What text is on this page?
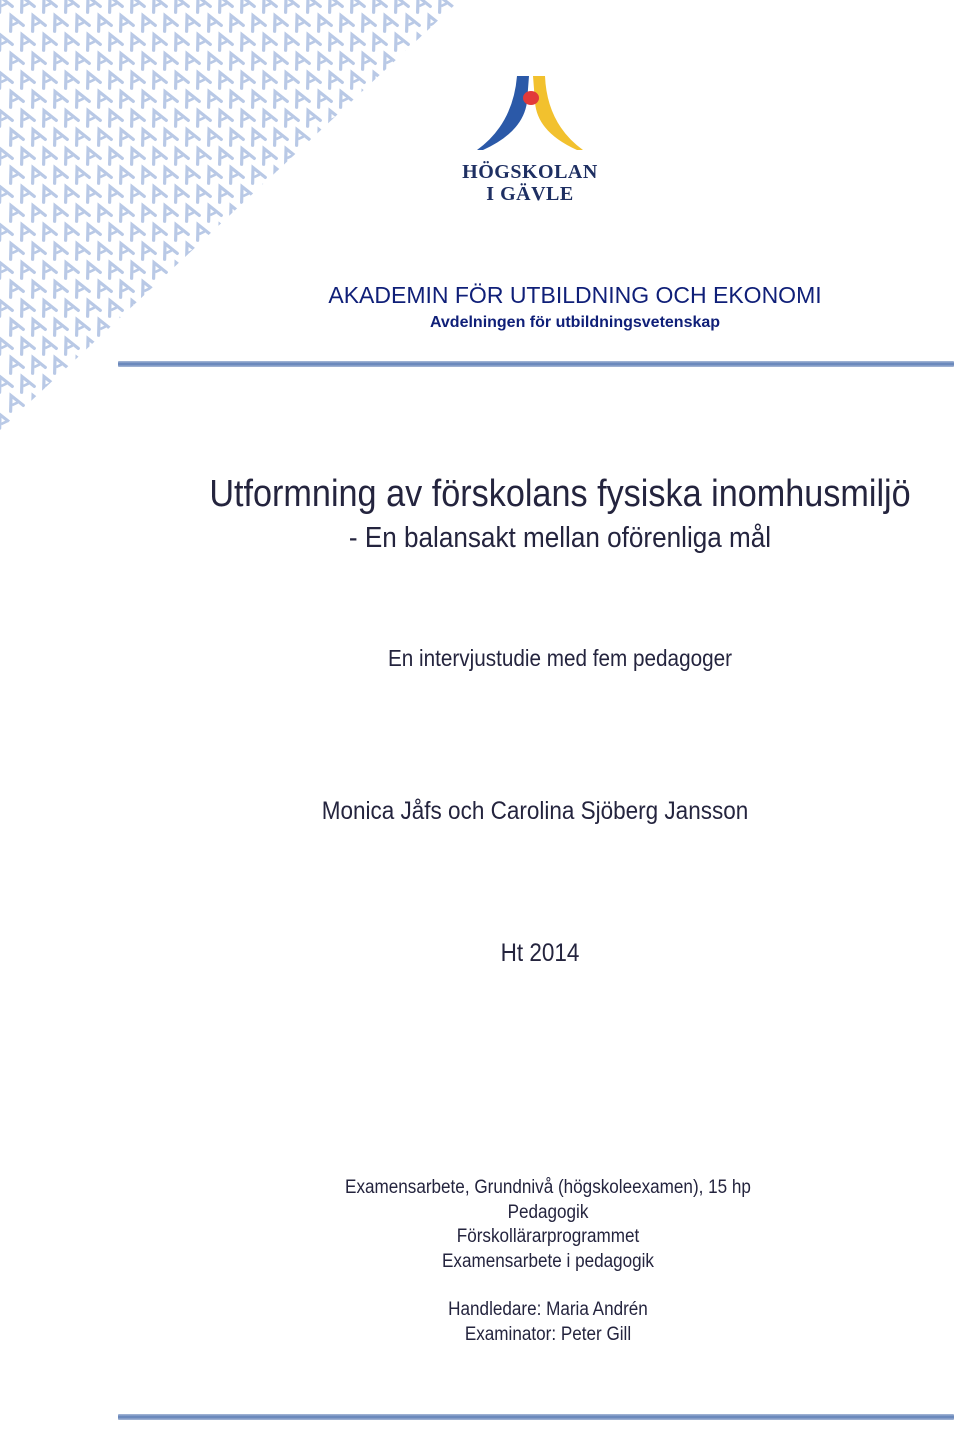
HÖGSKOLAN
I GÄVLE
AKADEMIN FÖR UTBILDNING OCH EKONOMI
Avdelningen för utbildningsvetenskap
Utformning av förskolans fysiska inomhusmiljö
- En balansakt mellan oförenliga mål
En intervjustudie med fem pedagoger
Monica Jåfs och Carolina Sjöberg Jansson
Ht 2014
Examensarbete, Grundnivå (högskoleexamen), 15 hp
Pedagogik
Förskollärarprogrammet
Examensarbete i pedagogik
Handledare: Maria Andrén
Examinator: Peter Gill
